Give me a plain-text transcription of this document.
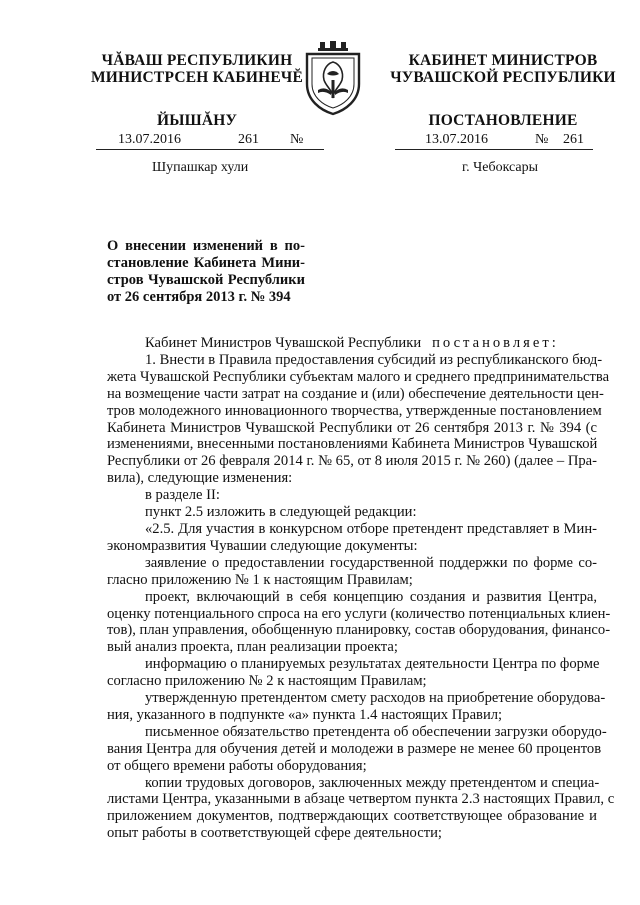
ЧĂВАШ РЕСПУБЛИКИН
МИНИСТРСЕН КАБИНЕЧĔ
ЙЫШĂНУ
КАБИНЕТ МИНИСТРОВ
ЧУВАШСКОЙ РЕСПУБЛИКИ
ПОСТАНОВЛЕНИЕ
13.07.2016	261 №	13.07.2016	№ 261
Шупашкар хули	г. Чебоксары
О внесении изменений в по-
становление Кабинета Мини-
стров Чувашской Республики
от 26 сентября 2013 г. № 394
Кабинет Министров Чувашской Республики постановляет:
1. Внести в Правила предоставления субсидий из республиканского бюд-
жета Чувашской Республики субъектам малого и среднего предпринимательства
на возмещение части затрат на создание и (или) обеспечение деятельности цен-
тров молодежного инновационного творчества, утвержденные постановлением
Кабинета Министров Чувашской Республики от 26 сентября 2013 г. № 394 (с
изменениями, внесенными постановлениями Кабинета Министров Чувашской
Республики от 26 февраля 2014 г. № 65, от 8 июля 2015 г. № 260) (далее – Пра-
вила), следующие изменения:
в разделе II:
пункт 2.5 изложить в следующей редакции:
«2.5. Для участия в конкурсном отборе претендент представляет в Мин-
экономразвития Чувашии следующие документы:
заявление о предоставлении государственной поддержки по форме со-
гласно приложению № 1 к настоящим Правилам;
проект, включающий в себя концепцию создания и развития Центра,
оценку потенциального спроса на его услуги (количество потенциальных клиен-
тов), план управления, обобщенную планировку, состав оборудования, финансо-
вый анализ проекта, план реализации проекта;
информацию о планируемых результатах деятельности Центра по форме
согласно приложению № 2 к настоящим Правилам;
утвержденную претендентом смету расходов на приобретение оборудова-
ния, указанного в подпункте «а» пункта 1.4 настоящих Правил;
письменное обязательство претендента об обеспечении загрузки оборудо-
вания Центра для обучения детей и молодежи в размере не менее 60 процентов
от общего времени работы оборудования;
копии трудовых договоров, заключенных между претендентом и специа-
листами Центра, указанными в абзаце четвертом пункта 2.3 настоящих Правил, с
приложением документов, подтверждающих соответствующее образование и
опыт работы в соответствующей сфере деятельности;
